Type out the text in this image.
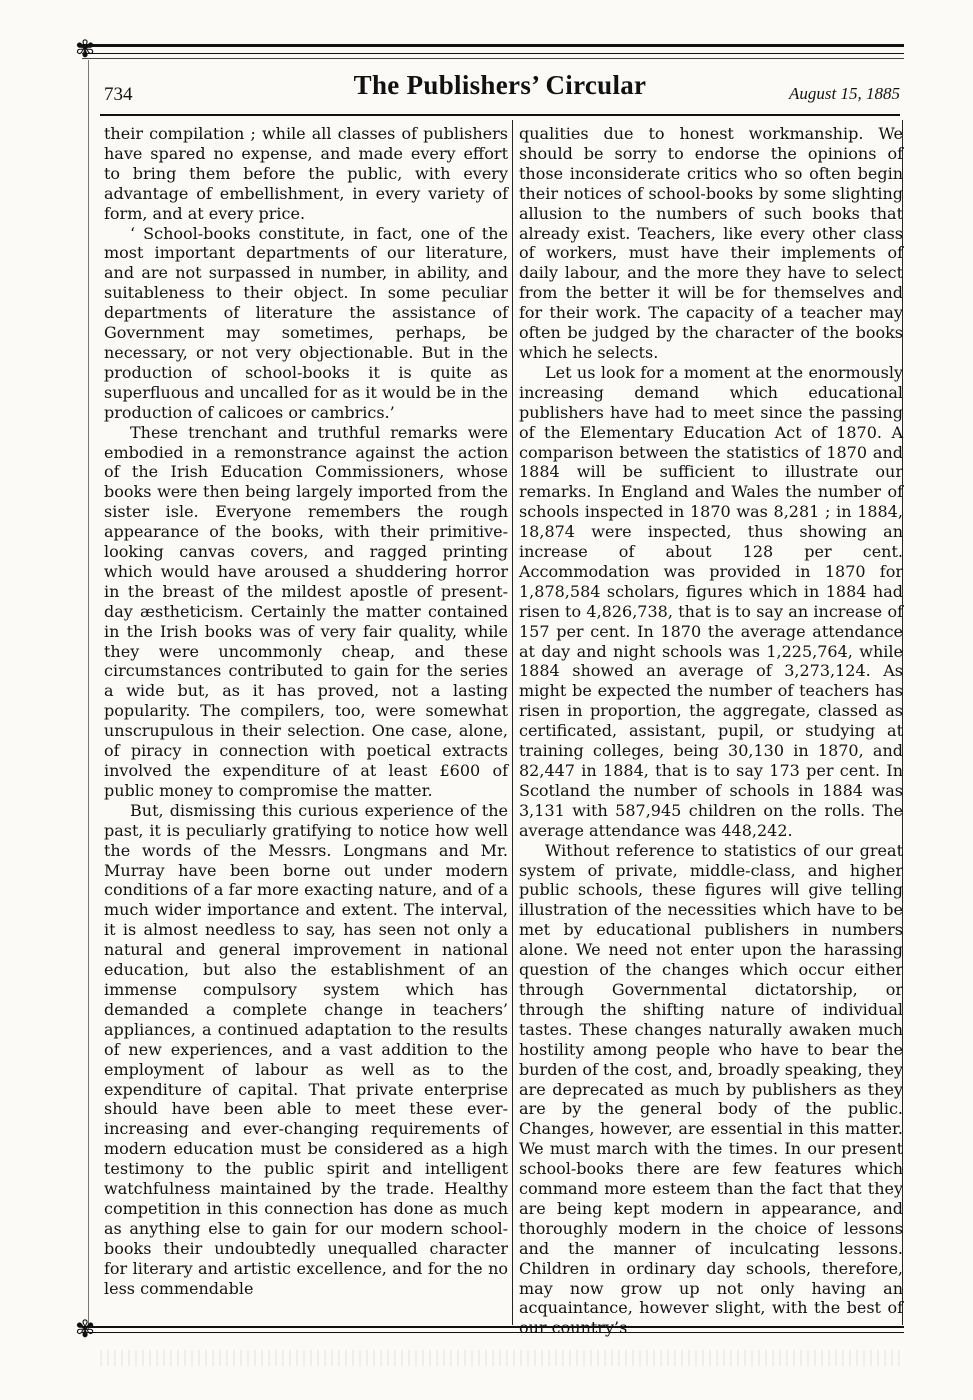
✾
734	The Publishers’ Circular	August 15, 1885

their compilation ; while all classes of publishers have spared no expense, and made every effort to bring them before the public, with every advantage of embellishment, in every variety of form, and at every price.

‘ School-books constitute, in fact, one of the most important departments of our literature, and are not surpassed in number, in ability, and suitableness to their object. In some peculiar departments of literature the assistance of Government may sometimes, perhaps, be necessary, or not very objectionable. But in the production of school-books it is quite as superfluous and uncalled for as it would be in the production of calicoes or cambrics.’

These trenchant and truthful remarks were embodied in a remonstrance against the action of the Irish Education Commissioners, whose books were then being largely imported from the sister isle. Everyone remembers the rough appearance of the books, with their primitive-looking canvas covers, and ragged printing which would have aroused a shuddering horror in the breast of the mildest apostle of present-day æstheticism. Certainly the matter contained in the Irish books was of very fair quality, while they were uncommonly cheap, and these circumstances contributed to gain for the series a wide but, as it has proved, not a lasting popularity. The compilers, too, were somewhat unscrupulous in their selection. One case, alone, of piracy in connection with poetical extracts involved the expenditure of at least £600 of public money to compromise the matter.

But, dismissing this curious experience of the past, it is peculiarly gratifying to notice how well the words of the Messrs. Longmans and Mr. Murray have been borne out under modern conditions of a far more exacting nature, and of a much wider importance and extent. The interval, it is almost needless to say, has seen not only a natural and general improvement in national education, but also the establishment of an immense compulsory system which has demanded a complete change in teachers’ appliances, a continued adaptation to the results of new experiences, and a vast addition to the employment of labour as well as to the expenditure of capital. That private enterprise should have been able to meet these ever-increasing and ever-changing requirements of modern education must be considered as a high testimony to the public spirit and intelligent watchfulness maintained by the trade. Healthy competition in this connection has done as much as anything else to gain for our modern school-books their undoubtedly unequalled character for literary and artistic excellence, and for the no less commendable

qualities due to honest workmanship. We should be sorry to endorse the opinions of those inconsiderate critics who so often begin their notices of school-books by some slighting allusion to the numbers of such books that already exist. Teachers, like every other class of workers, must have their implements of daily labour, and the more they have to select from the better it will be for themselves and for their work. The capacity of a teacher may often be judged by the character of the books which he selects.

Let us look for a moment at the enormously increasing demand which educational publishers have had to meet since the passing of the Elementary Education Act of 1870. A comparison between the statistics of 1870 and 1884 will be sufficient to illustrate our remarks. In England and Wales the number of schools inspected in 1870 was 8,281 ; in 1884, 18,874 were inspected, thus showing an increase of about 128 per cent. Accommodation was provided in 1870 for 1,878,584 scholars, figures which in 1884 had risen to 4,826,738, that is to say an increase of 157 per cent. In 1870 the average attendance at day and night schools was 1,225,764, while 1884 showed an average of 3,273,124. As might be expected the number of teachers has risen in proportion, the aggregate, classed as certificated, assistant, pupil, or studying at training colleges, being 30,130 in 1870, and 82,447 in 1884, that is to say 173 per cent. In Scotland the number of schools in 1884 was 3,131 with 587,945 children on the rolls. The average attendance was 448,242.

Without reference to statistics of our great system of private, middle-class, and higher public schools, these figures will give telling illustration of the necessities which have to be met by educational publishers in numbers alone. We need not enter upon the harassing question of the changes which occur either through Governmental dictatorship, or through the shifting nature of individual tastes. These changes naturally awaken much hostility among people who have to bear the burden of the cost, and, broadly speaking, they are deprecated as much by publishers as they are by the general body of the public. Changes, however, are essential in this matter. We must march with the times. In our present school-books there are few features which command more esteem than the fact that they are being kept modern in appearance, and thoroughly modern in the choice of lessons and the manner of inculcating lessons. Children in ordinary day schools, therefore, may now grow up not only having an acquaintance, however slight, with the best of our country’s

✾
